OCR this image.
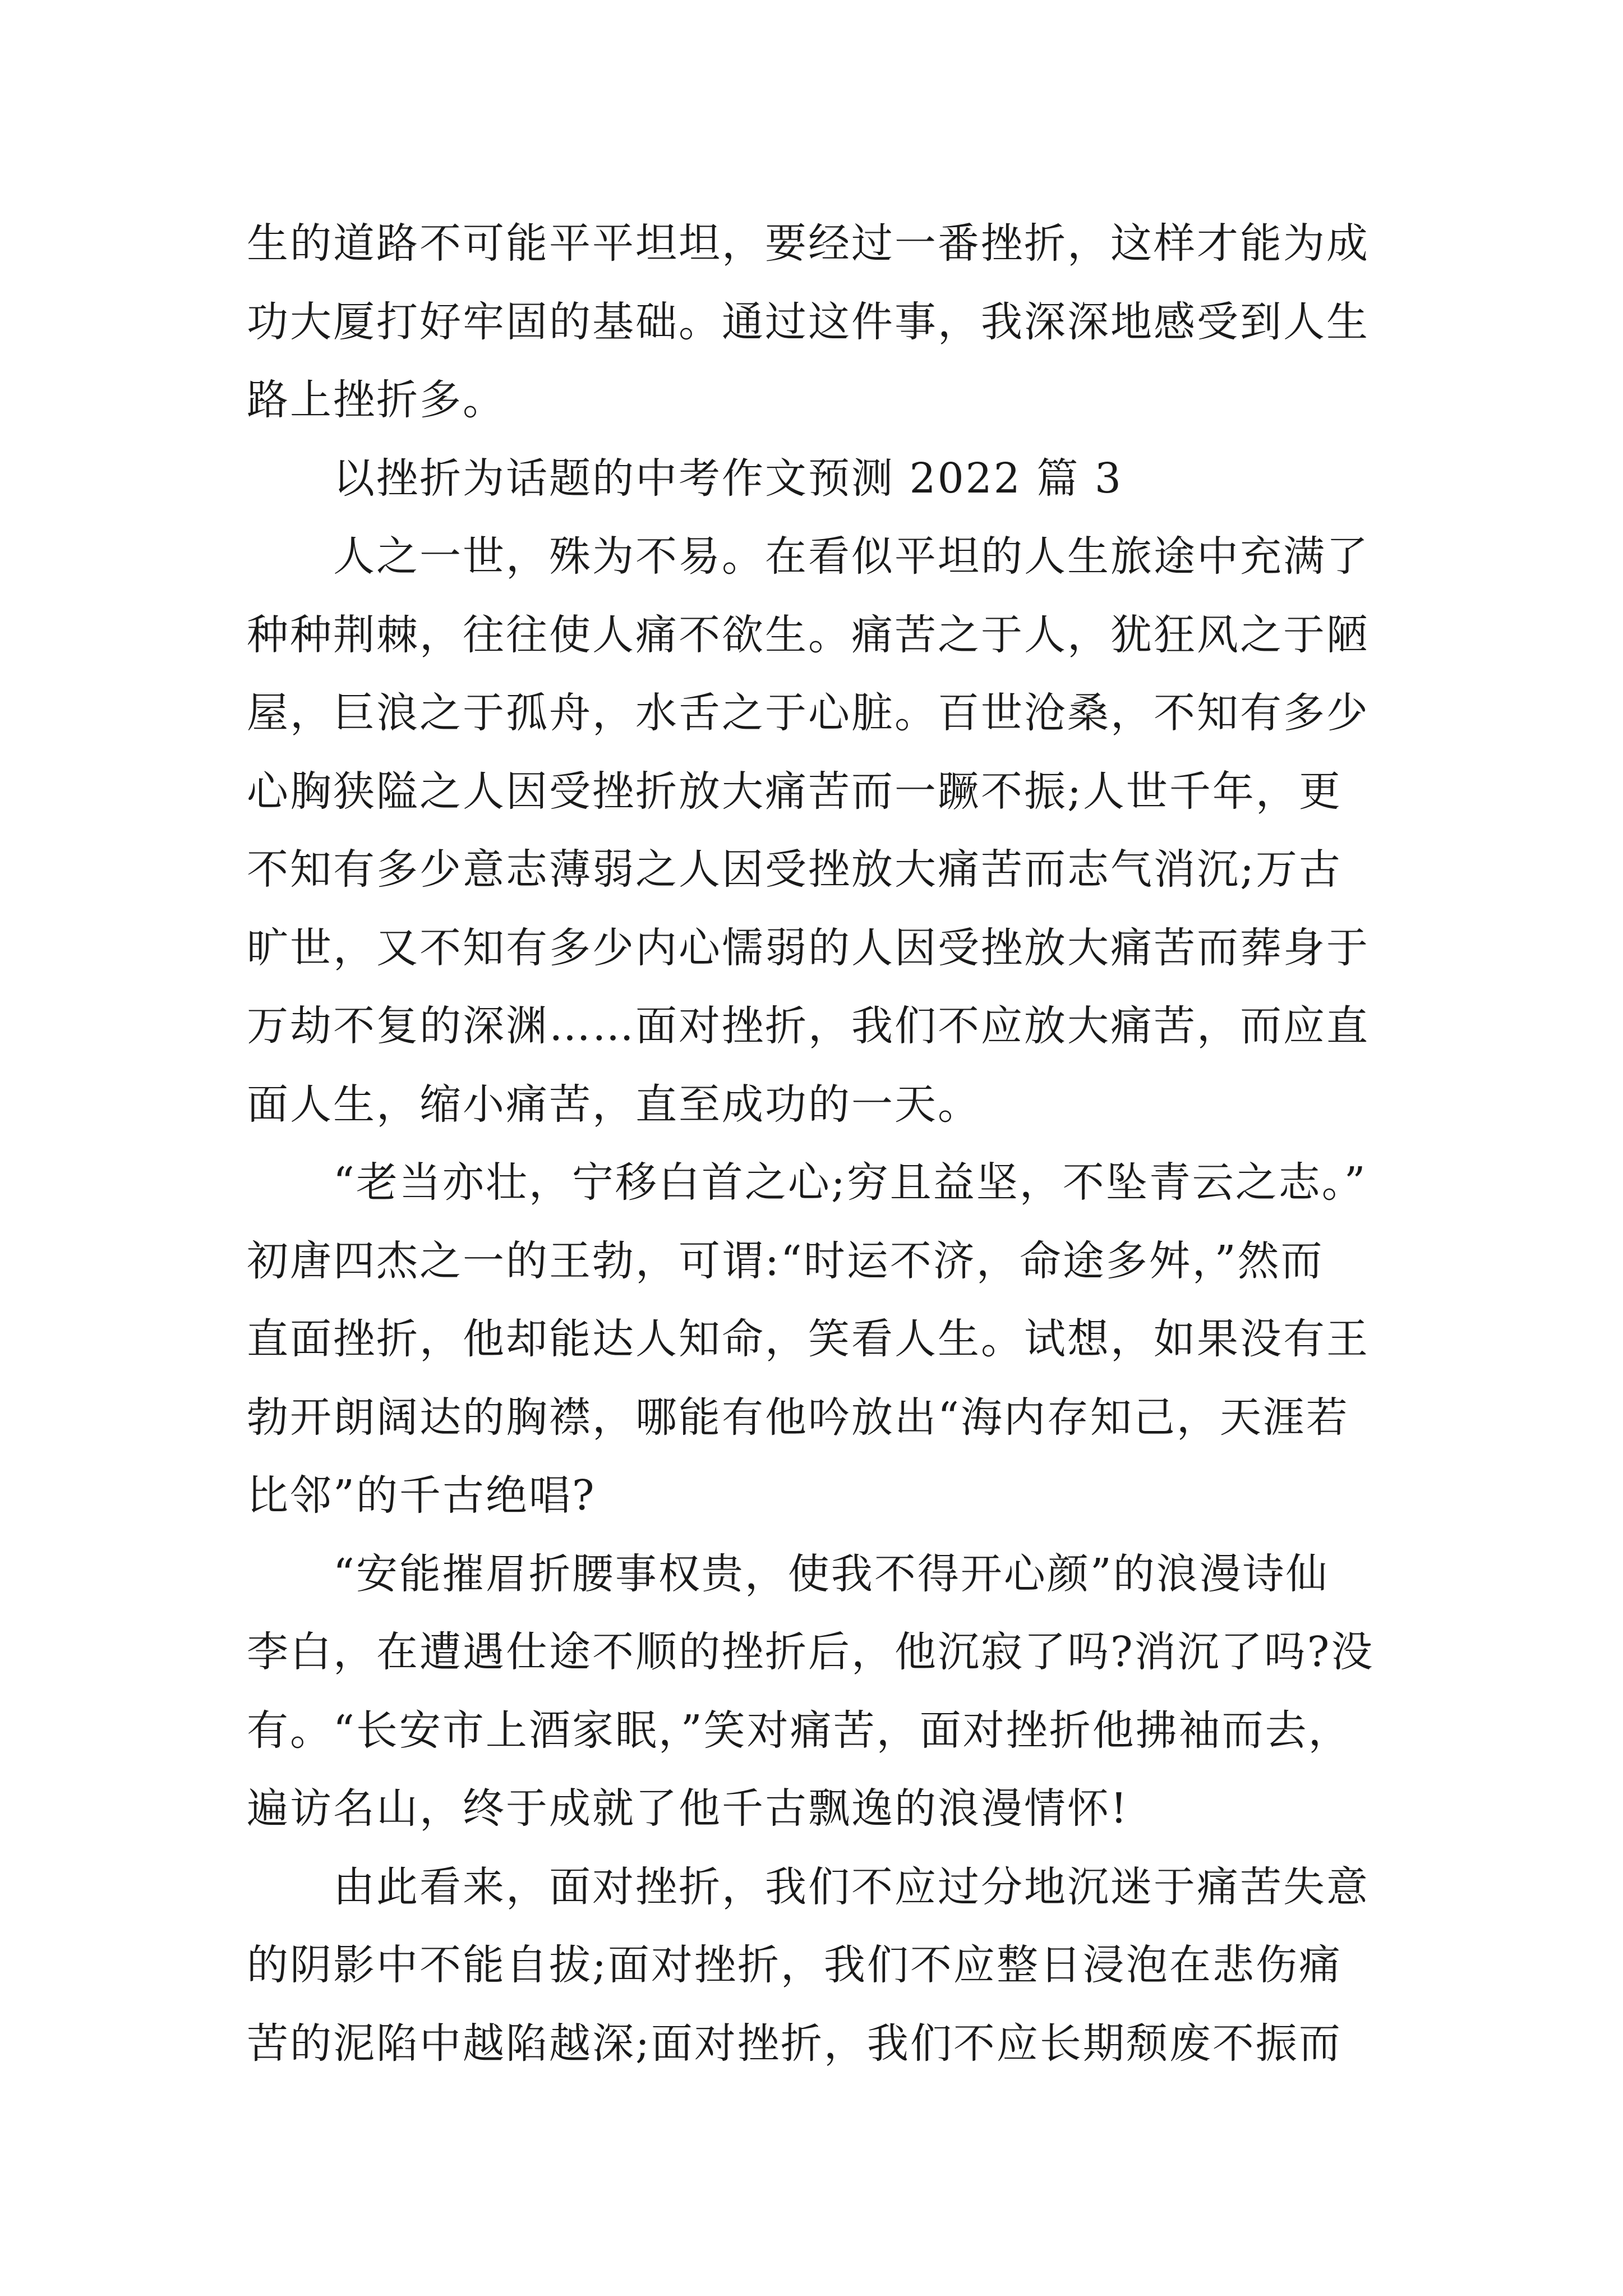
生的道路不可能平平坦坦，要经过一番挫折，这样才能为成
功大厦打好牢固的基础。通过这件事，我深深地感受到人生
路上挫折多。
以挫折为话题的中考作文预测 2022 篇 3
人之一世，殊为不易。在看似平坦的人生旅途中充满了
种种荆棘，往往使人痛不欲生。痛苦之于人，犹狂风之于陋
屋，巨浪之于孤舟，水舌之于心脏。百世沧桑，不知有多少
心胸狭隘之人因受挫折放大痛苦而一蹶不振;人世千年，更
不知有多少意志薄弱之人因受挫放大痛苦而志气消沉;万古
旷世，又不知有多少内心懦弱的人因受挫放大痛苦而葬身于
万劫不复的深渊……面对挫折，我们不应放大痛苦，而应直
面人生，缩小痛苦，直至成功的一天。
“老当亦壮，宁移白首之心;穷且益坚，不坠青云之志。”
初唐四杰之一的王勃，可谓:“时运不济，命途多舛，”然而
直面挫折，他却能达人知命，笑看人生。试想，如果没有王
勃开朗阔达的胸襟，哪能有他吟放出“海内存知己，天涯若
比邻”的千古绝唱?
“安能摧眉折腰事权贵，使我不得开心颜”的浪漫诗仙
李白，在遭遇仕途不顺的挫折后，他沉寂了吗?消沉了吗?没
有。“长安市上酒家眠，”笑对痛苦，面对挫折他拂袖而去，
遍访名山，终于成就了他千古飘逸的浪漫情怀!
由此看来，面对挫折，我们不应过分地沉迷于痛苦失意
的阴影中不能自拔;面对挫折，我们不应整日浸泡在悲伤痛
苦的泥陷中越陷越深;面对挫折，我们不应长期颓废不振而
